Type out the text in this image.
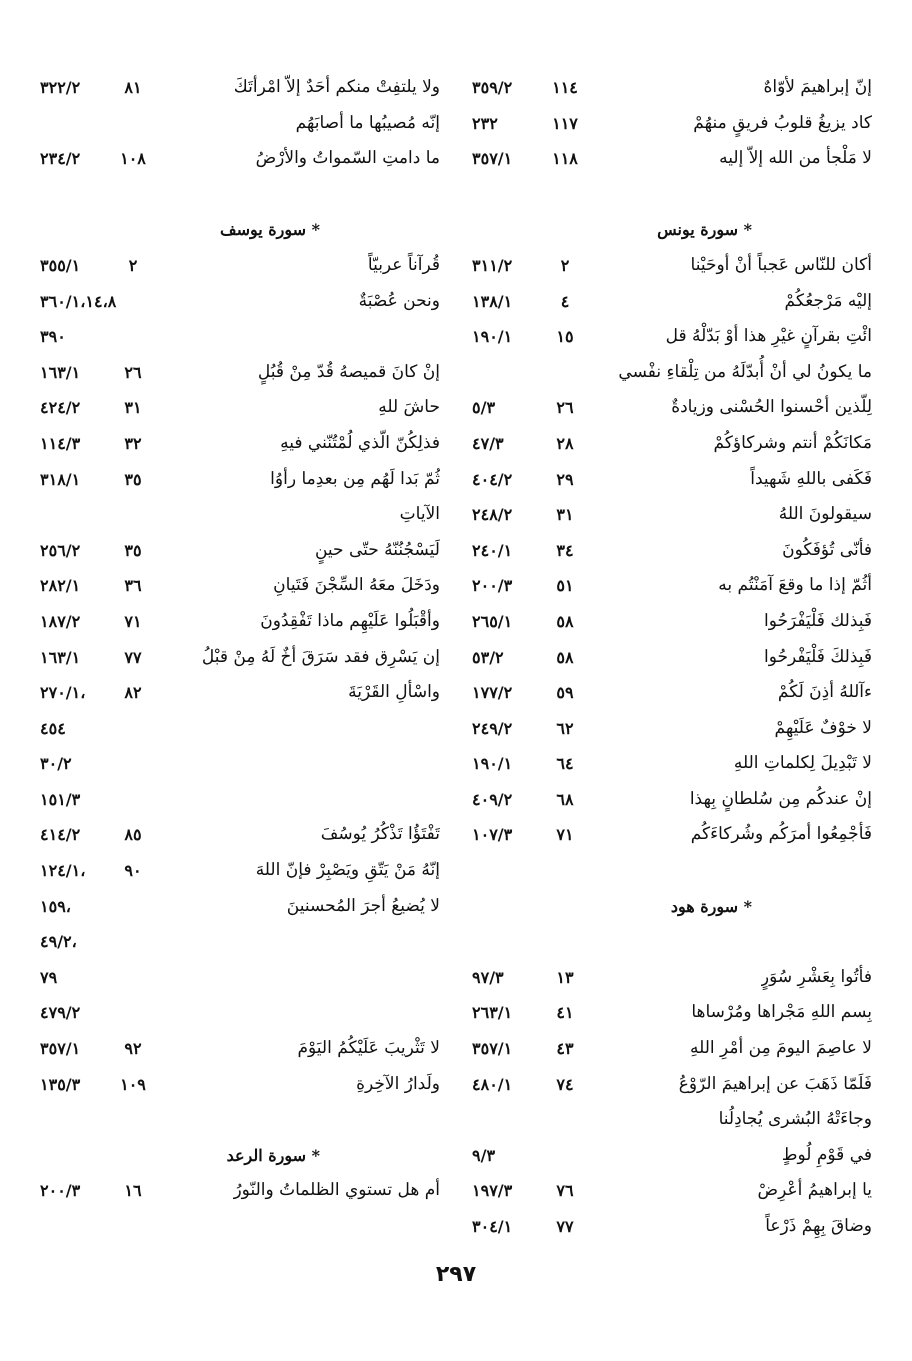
إنّ إبراهيمَ لأوّاهٌ
١١٤
٣٥٩/٢
كاد يزيغُ قلوبُ فريقٍ منهُمْ
١١٧
٢٣٢
لا مَلْجأ من الله إلاّ إليه
١١٨
٣٥٧/١
* سورة يونس
أكان للنّاس عَجباً أنْ أوحَيْنا
٢
٣١١/٢
إليْه مَرْجعُكُمْ
٤
١٣٨/١
ائْتِ بقرآنٍ غيْرِ هذا أوْ بَدّلْهُ قل
١٥
١٩٠/١
ما يكونُ لي أنْ أُبدّلَهُ من تِلْقاءِ نفْسي
لِلّذين أحْسنوا الحُسْنى وزيادةٌ
٢٦
٥/٣
مَكانَكُمْ أنتم وشركاؤكُمْ
٢٨
٤٧/٣
فَكَفى باللهِ شَهيداً
٢٩
٤٠٤/٢
سيقولونَ اللهُ
٣١
٢٤٨/٢
فأنّى تُؤفَكُونَ
٣٤
٢٤٠/١
أثُمّ إذا ما وقعَ آمَنْتُم به
٥١
٢٠٠/٣
فَبِذلك فَلْيَفْرَحُوا
٥٨
٢٦٥/١
فَبِذلكَ فَلْيَفْرحُوا
٥٨
٥٣/٢
ءآللهُ أذِنَ لَكُمْ
٥٩
١٧٧/٢
لا خوْفٌ عَلَيْهِمْ
٦٢
٢٤٩/٢
لا تَبْدِيلَ لِكلماتِ اللهِ
٦٤
١٩٠/١
إنْ عندكُم مِن سُلطانٍ بِهذا
٦٨
٤٠٩/٢
فَأجْمِعُوا أمرَكُم وشُركاءَكُم
٧١
١٠٧/٣
* سورة هود
فأتُوا بِعَشْرِ سُوَرٍ
١٣
٩٧/٣
بِسم اللهِ مَجْراها ومُرْساها
٤١
٢٦٣/١
لا عاصِمَ اليومَ مِن أمْرِ اللهِ
٤٣
٣٥٧/١
فَلَمّا ذَهَبَ عن إبراهيمَ الرّوْعُ
٧٤
٤٨٠/١
وجاءَتْهُ البُشرى يُجادِلُنا
في قَوْمِ لُوطٍ
٩/٣
يا إبراهيمُ أعْرِضْ
٧٦
١٩٧/٣
وضاقَ بِهِمْ ذَرْعاً
٧٧
٣٠٤/١
ولا يلتفِتْ منكم أحَدٌ إلاّ امْرأتَكَ
٨١
٣٢٢/٢
إنّه مُصيبُها ما أصابَهُم
ما دامتِ السّمواتُ والأرْضُ
١٠٨
٢٣٤/٢
* سورة يوسف
قُرآناً عربيّاً
٢
٣٥٥/١
ونحن عُصْبَةٌ
٣٦٠/١،١٤،٨
٣٩٠
إنْ كانَ قميصهُ قُدّ مِنْ قُبُلٍ
٢٦
١٦٣/١
حاشَ للهِ
٣١
٤٢٤/٢
فذلِكُنّ الّذي لُمْتُنّني فيهِ
٣٢
١١٤/٣
ثُمّ بَدا لَهُم مِن بعدِما رأوُا
٣٥
٣١٨/١
الآياتِ
لَيَسْجُنُنّهُ حتّى حينٍ
٣٥
٢٥٦/٢
ودَخَلَ معَهُ السِّجْنَ فَتَيانِ
٣٦
٢٨٢/١
وأقْبَلُوا عَلَيْهِم ماذا تَفْقِدُونَ
٧١
١٨٧/٢
إن يَسْرِق فقد سَرَقَ أخٌ لَهُ مِنْ قبْلُ
٧٧
١٦٣/١
واسْألِ القَرْيَةَ
٨٢
٢٧٠/١،
٤٥٤
٣٠/٢
١٥١/٣
تَفْتَؤُا تَذْكُرُ يُوسُفَ
٨٥
٤١٤/٢
إنّهُ مَنْ يَتّقِ ويَصْبِرْ فإنّ اللهَ
٩٠
١٢٤/١،
لا يُضيعُ أجرَ المُحسنينَ
١٥٩،
٤٩/٢،
٧٩
٤٧٩/٢
لا تَثْريبَ عَلَيْكُمُ اليَوْمَ
٩٢
٣٥٧/١
ولَدارُ الآخِرةِ
١٠٩
١٣٥/٣
* سورة الرعد
أم هل تستوي الظلماتُ والنّورُ
١٦
٢٠٠/٣
٢٩٧
